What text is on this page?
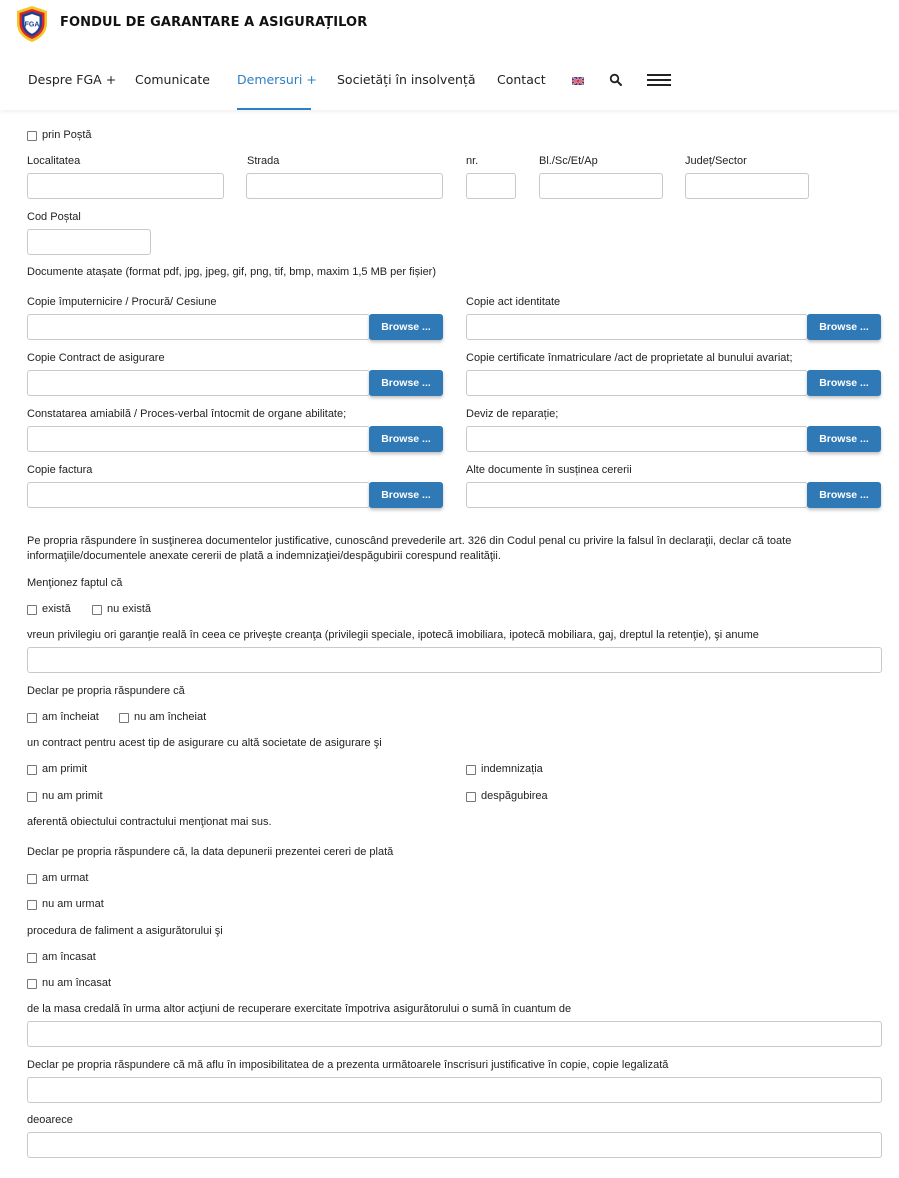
FGA FONDUL DE GARANTARE A ASIGURAȚILOR
Despre FGA + Comunicate Demersuri + Societăți în insolvență Contact
prin Poștă
Localitatea	Strada	nr.	Bl./Sc/Et/Ap	Județ/Sector
Cod Poștal
Documente atașate (format pdf, jpg, jpeg, gif, png, tif, bmp, maxim 1,5 MB per fișier)
Copie împuternicire / Procură/ Cesiune
Browse ...
Copie act identitate
Browse ...
Copie Contract de asigurare
Browse ...
Copie certificate înmatriculare /act de proprietate al bunului avariat;
Browse ...
Constatarea amiabilă / Proces-verbal întocmit de organe abilitate;
Browse ...
Deviz de reparație;
Browse ...
Copie factura
Browse ...
Alte documente în susținea cererii
Browse ...
Pe propria răspundere în susţinerea documentelor justificative, cunoscând prevederile art. 326 din Codul penal cu privire la falsul în declaraţii, declar că toate informaţiile/documentele anexate cererii de plată a indemnizaţiei/despăgubirii corespund realităţii.
Menţionez faptul că
există	nu există
vreun privilegiu ori garanţie reală în ceea ce priveşte creanţa (privilegii speciale, ipotecă imobiliara, ipotecă mobiliara, gaj, dreptul la retenţie), şi anume
Declar pe propria răspundere că
am încheiat	nu am încheiat
un contract pentru acest tip de asigurare cu altă societate de asigurare şi
am primit	indemnizația
nu am primit	despăgubirea
aferentă obiectului contractului menţionat mai sus.
Declar pe propria răspundere că, la data depunerii prezentei cereri de plată
am urmat
nu am urmat
procedura de faliment a asigurătorului şi
am încasat
nu am încasat
de la masa credală în urma altor acţiuni de recuperare exercitate împotriva asigurătorului o sumă în cuantum de
Declar pe propria răspundere că mă aflu în imposibilitatea de a prezenta următoarele înscrisuri justificative în copie, copie legalizată
deoarece
